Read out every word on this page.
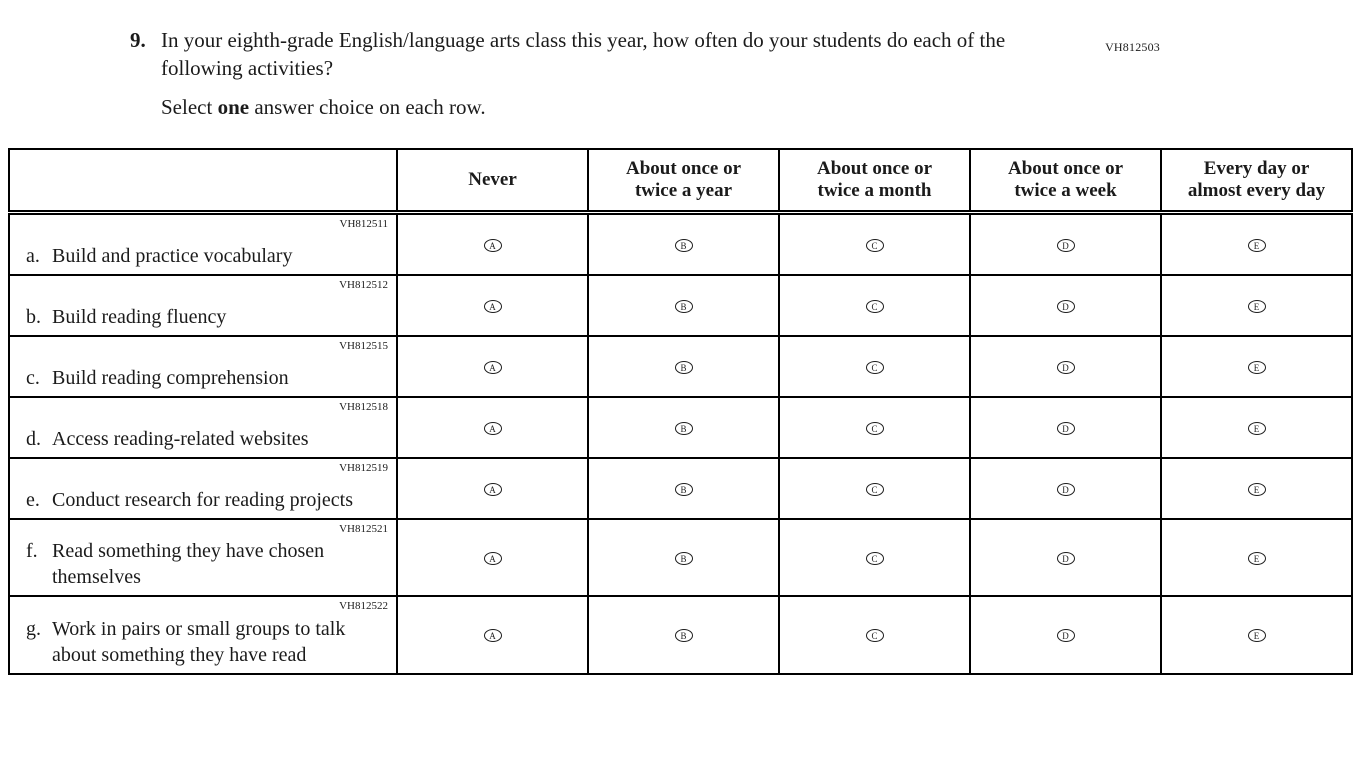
VH812503
9. In your eighth-grade English/language arts class this year, how often do your students do each of the following activities?

Select one answer choice on each row.

	Never	About once or
twice a year	About once or
twice a month	About once or
twice a week	Every day or
almost every day

VH812511
a. Build and practice vocabulary	A	B	C	D	E

VH812512
b. Build reading fluency	A	B	C	D	E

VH812515
c. Build reading comprehension	A	B	C	D	E

VH812518
d. Access reading-related websites	A	B	C	D	E

VH812519
e. Conduct research for reading projects	A	B	C	D	E

VH812521
f. Read something they have chosen themselves	A	B	C	D	E

VH812522
g. Work in pairs or small groups to talk about something they have read	A	B	C	D	E
